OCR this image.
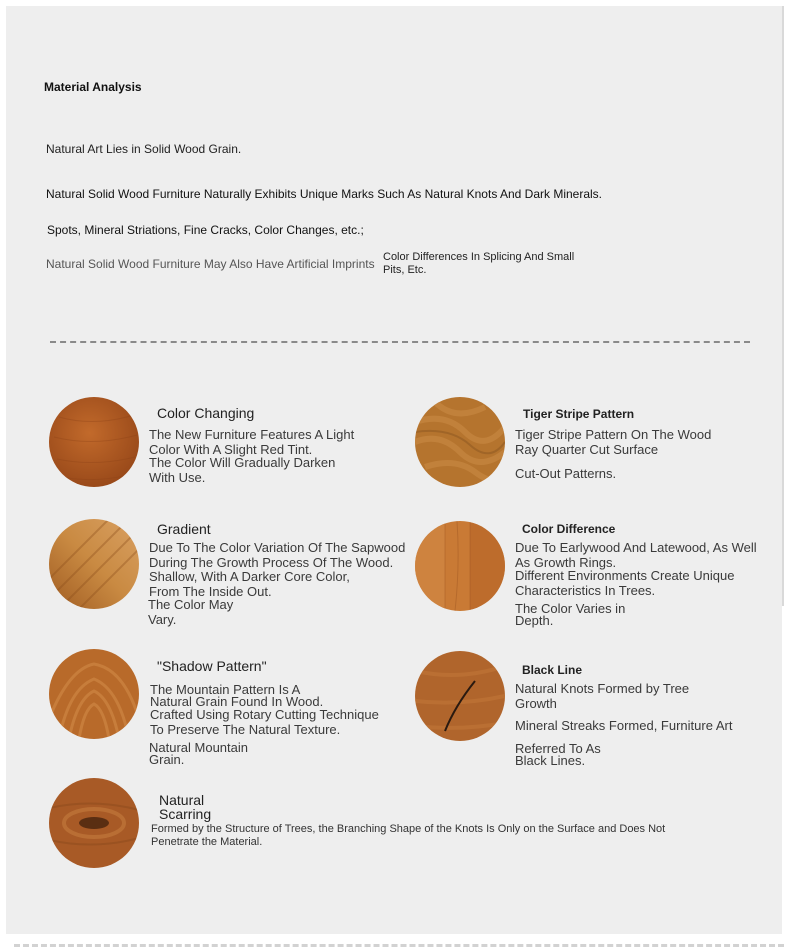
Material Analysis
Natural Art Lies in Solid Wood Grain.
Natural Solid Wood Furniture Naturally Exhibits Unique Marks Such As Natural Knots And Dark Minerals.
Spots, Mineral Striations, Fine Cracks, Color Changes, etc.;
Natural Solid Wood Furniture May Also Have Artificial Imprints Color Differences In Splicing And Small Pits, Etc.
Color Changing
The New Furniture Features A Light
Color With A Slight Red Tint.
The Color Will Gradually Darken
With Use.
Tiger Stripe Pattern
Tiger Stripe Pattern On The Wood
Ray Quarter Cut Surface
Cut-Out Patterns.
Gradient
Due To The Color Variation Of The Sapwood
During The Growth Process Of The Wood.
Shallow, With A Darker Core Color,
From The Inside Out.
The Color May
Vary.
Color Difference
Due To Earlywood And Latewood, As Well
As Growth Rings.
Different Environments Create Unique
Characteristics In Trees.
The Color Varies in
Depth.
"Shadow Pattern"
The Mountain Pattern Is A
Natural Grain Found In Wood.
Crafted Using Rotary Cutting Technique
To Preserve The Natural Texture.
Natural Mountain
Grain.
Black Line
Natural Knots Formed by Tree
Growth
Mineral Streaks Formed, Furniture Art
Referred To As
Black Lines.
Natural
Scarring
Formed by the Structure of Trees, the Branching Shape of the Knots Is Only on the Surface and Does Not
Penetrate the Material.
